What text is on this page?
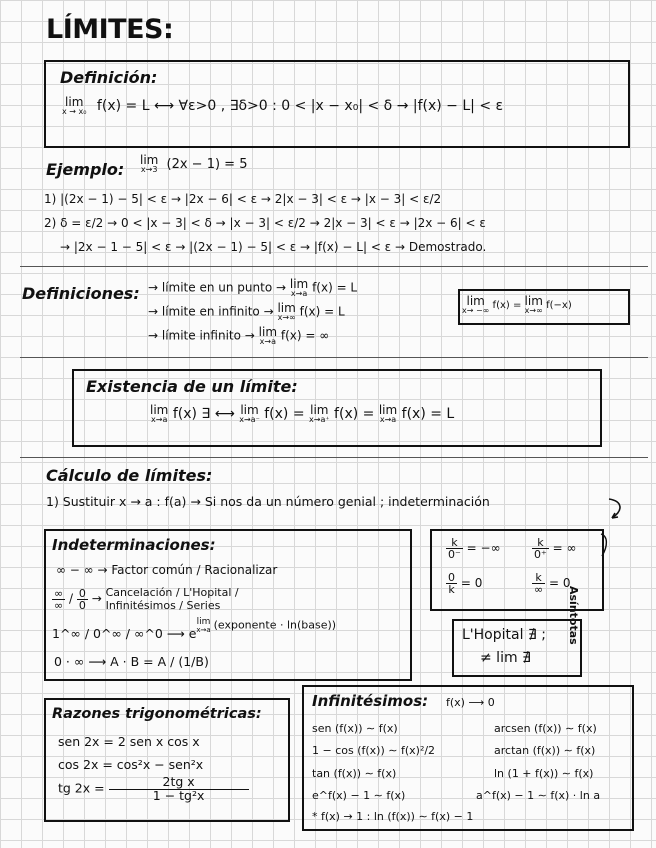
LÍMITES:
Definición:
lim
x → x₀ f(x) = L ⟷ ∀ε>0 , ∃δ>0 : 0 < |x − x₀| < δ → |f(x) − L| < ε
Ejemplo: lim
x→3 (2x − 1) = 5
1) |(2x − 1) − 5| < ε → |2x − 6| < ε → 2|x − 3| < ε → |x − 3| < ε/2
2) δ = ε/2 → 0 < |x − 3| < δ → |x − 3| < ε/2 → 2|x − 3| < ε → |2x − 6| < ε
→ |2x − 1 − 5| < ε → |(2x − 1) − 5| < ε → |f(x) − L| < ε → Demostrado.
Definiciones: → límite en un punto → lim
x→a f(x) = L
→ límite en infinito → lim
x→∞ f(x) = L
→ límite infinito → lim
x→a f(x) = ∞
lim
x→ −∞ f(x) = lim
x→∞ f(−x)
Existencia de un límite:
lim
x→a f(x) ∃ ⟷ lim
x→a⁻ f(x) = lim
x→a⁺ f(x) = lim
x→a f(x) = L
Cálculo de límites:
1) Sustituir x → a : f(a) → Si nos da un número genial ; indeterminación
Indeterminaciones:
∞ − ∞ → Factor común / Racionalizar
$\frac{\infty}{\infty} / \frac{0}{0}$ → Cancelación / L'Hopital /
Infinitésimos / Series
1^∞ / 0^∞ / ∞^0 ⟶ e
lim
x→a (exponente · ln(base))
0 · ∞ ⟶ A · B = A / (1/B)
$\frac{k}{0^-}$ = −∞	$\frac{k}{0^+}$ = ∞
$\frac{0}{k} = 0$	$\frac{k}{\infty} = 0$
Asíntotas
L'Hopital ∄ ;
≠ lim ∄
Razones trigonométricas:
sen 2x = 2 sen x cos x
cos 2x = cos²x − sen²x
tg $2x = \frac{\text{2tg x}}{\text{1 − tg²x}}$
Infinitésimos: f(x) ⟶ 0
sen (f(x)) ∼ f(x)	arcsen (f(x)) ∼ f(x)
1 − cos (f(x)) ∼ f(x)²/2	arctan (f(x)) ∼ f(x)
tan (f(x)) ∼ f(x)	ln (1 + f(x)) ∼ f(x)
e^f(x) − 1 ∼ f(x)	a^f(x) − 1 ∼ f(x) · ln a
* f(x) → 1 : ln (f(x)) ∼ f(x) − 1
